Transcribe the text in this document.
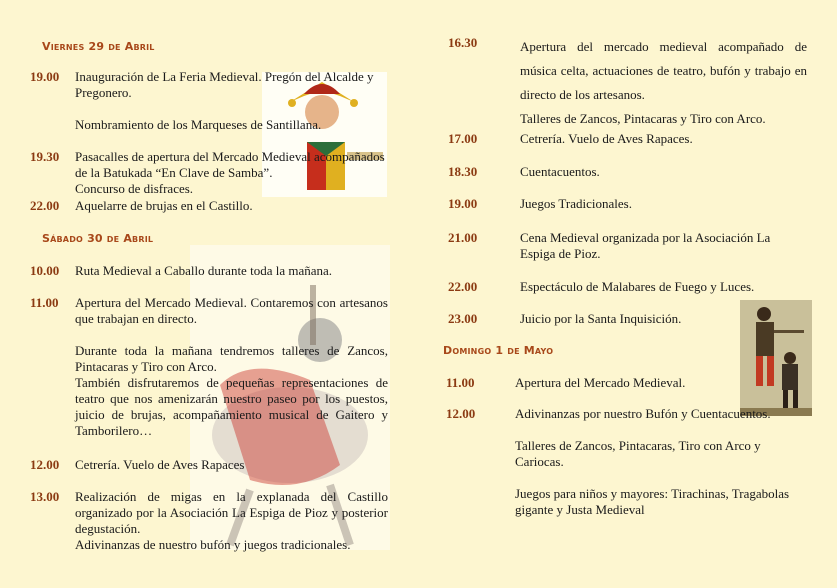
Viernes 29 de Abril
19.00 Inauguración de La Feria Medieval. Pregón del Alcalde y Pregonero.

Nombramiento de los Marqueses de Santillana.

19.30 Pasacalles de apertura del Mercado Medieval acompañados de la Batukada “En Clave de Samba”.

Concurso de disfraces.

22.00 Aquelarre de brujas en el Castillo.

Sábado 30 de Abril
10.00 Ruta Medieval a Caballo durante toda la mañana.

11.00 Apertura del Mercado Medieval. Contaremos con artesanos que trabajan en directo.

Durante toda la mañana tendremos talleres de Zancos, Pintacaras y Tiro con Arco.

También disfrutaremos de pequeñas representaciones de teatro que nos amenizarán nuestro paseo por los puestos, juicio de brujas, acompañamiento musical de Gaitero y Tamborilero…

12.00 Cetrería. Vuelo de Aves Rapaces

13.00 Realización de migas en la explanada del Castillo organizado por la Asociación La Espiga de Pioz y posterior degustación.

Adivinanzas de nuestro bufón y juegos tradicionales.

16.30	Apertura del mercado medieval acompañado de música celta, actuaciones de teatro, bufón y trabajo en directo de los artesanos.

Talleres de Zancos, Pintacaras y Tiro con Arco.

17.00	Cetrería. Vuelo de Aves Rapaces.

18.30	Cuentacuentos.

19.00	Juegos Tradicionales.

21.00	Cena Medieval organizada por la Asociación La Espiga de Pioz.

22.00	Espectáculo de Malabares de Fuego y Luces.

23.00	Juicio por la Santa Inquisición.

Domingo 1 de Mayo
11.00	Apertura del Mercado Medieval.

12.00	Adivinanzas por nuestro Bufón y Cuentacuentos.

Talleres de Zancos, Pintacaras, Tiro con Arco y Cariocas.

Juegos para niños y mayores: Tirachinas, Tragabolas gigante y Justa Medieval
